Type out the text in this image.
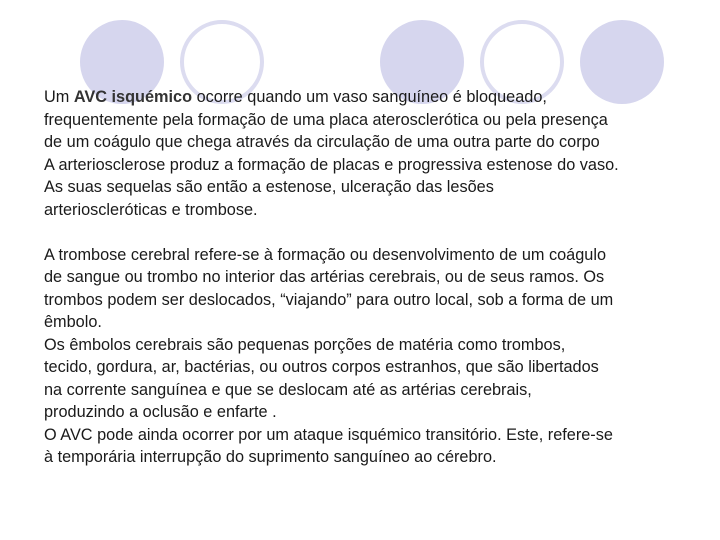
Um AVC isquémico ocorre quando um vaso sanguíneo é bloqueado,

frequentemente pela formação de uma placa aterosclerótica ou pela presença

de um coágulo que chega através da circulação de uma outra parte do corpo

A arteriosclerose produz a formação de placas e progressiva estenose do vaso.

As suas sequelas são então a estenose, ulceração das lesões

arterioscleróticas e trombose.

A trombose cerebral refere-se à formação ou desenvolvimento de um coágulo

de sangue ou trombo no interior das artérias cerebrais, ou de seus ramos. Os

trombos podem ser deslocados, “viajando” para outro local, sob a forma de um

êmbolo.

Os êmbolos cerebrais são pequenas porções de matéria como trombos,

tecido, gordura, ar, bactérias, ou outros corpos estranhos, que são libertados

na corrente sanguínea e que se deslocam até as artérias cerebrais,

produzindo a oclusão e enfarte .

O AVC pode ainda ocorrer por um ataque isquémico transitório. Este, refere-se

à temporária interrupção do suprimento sanguíneo ao cérebro.
